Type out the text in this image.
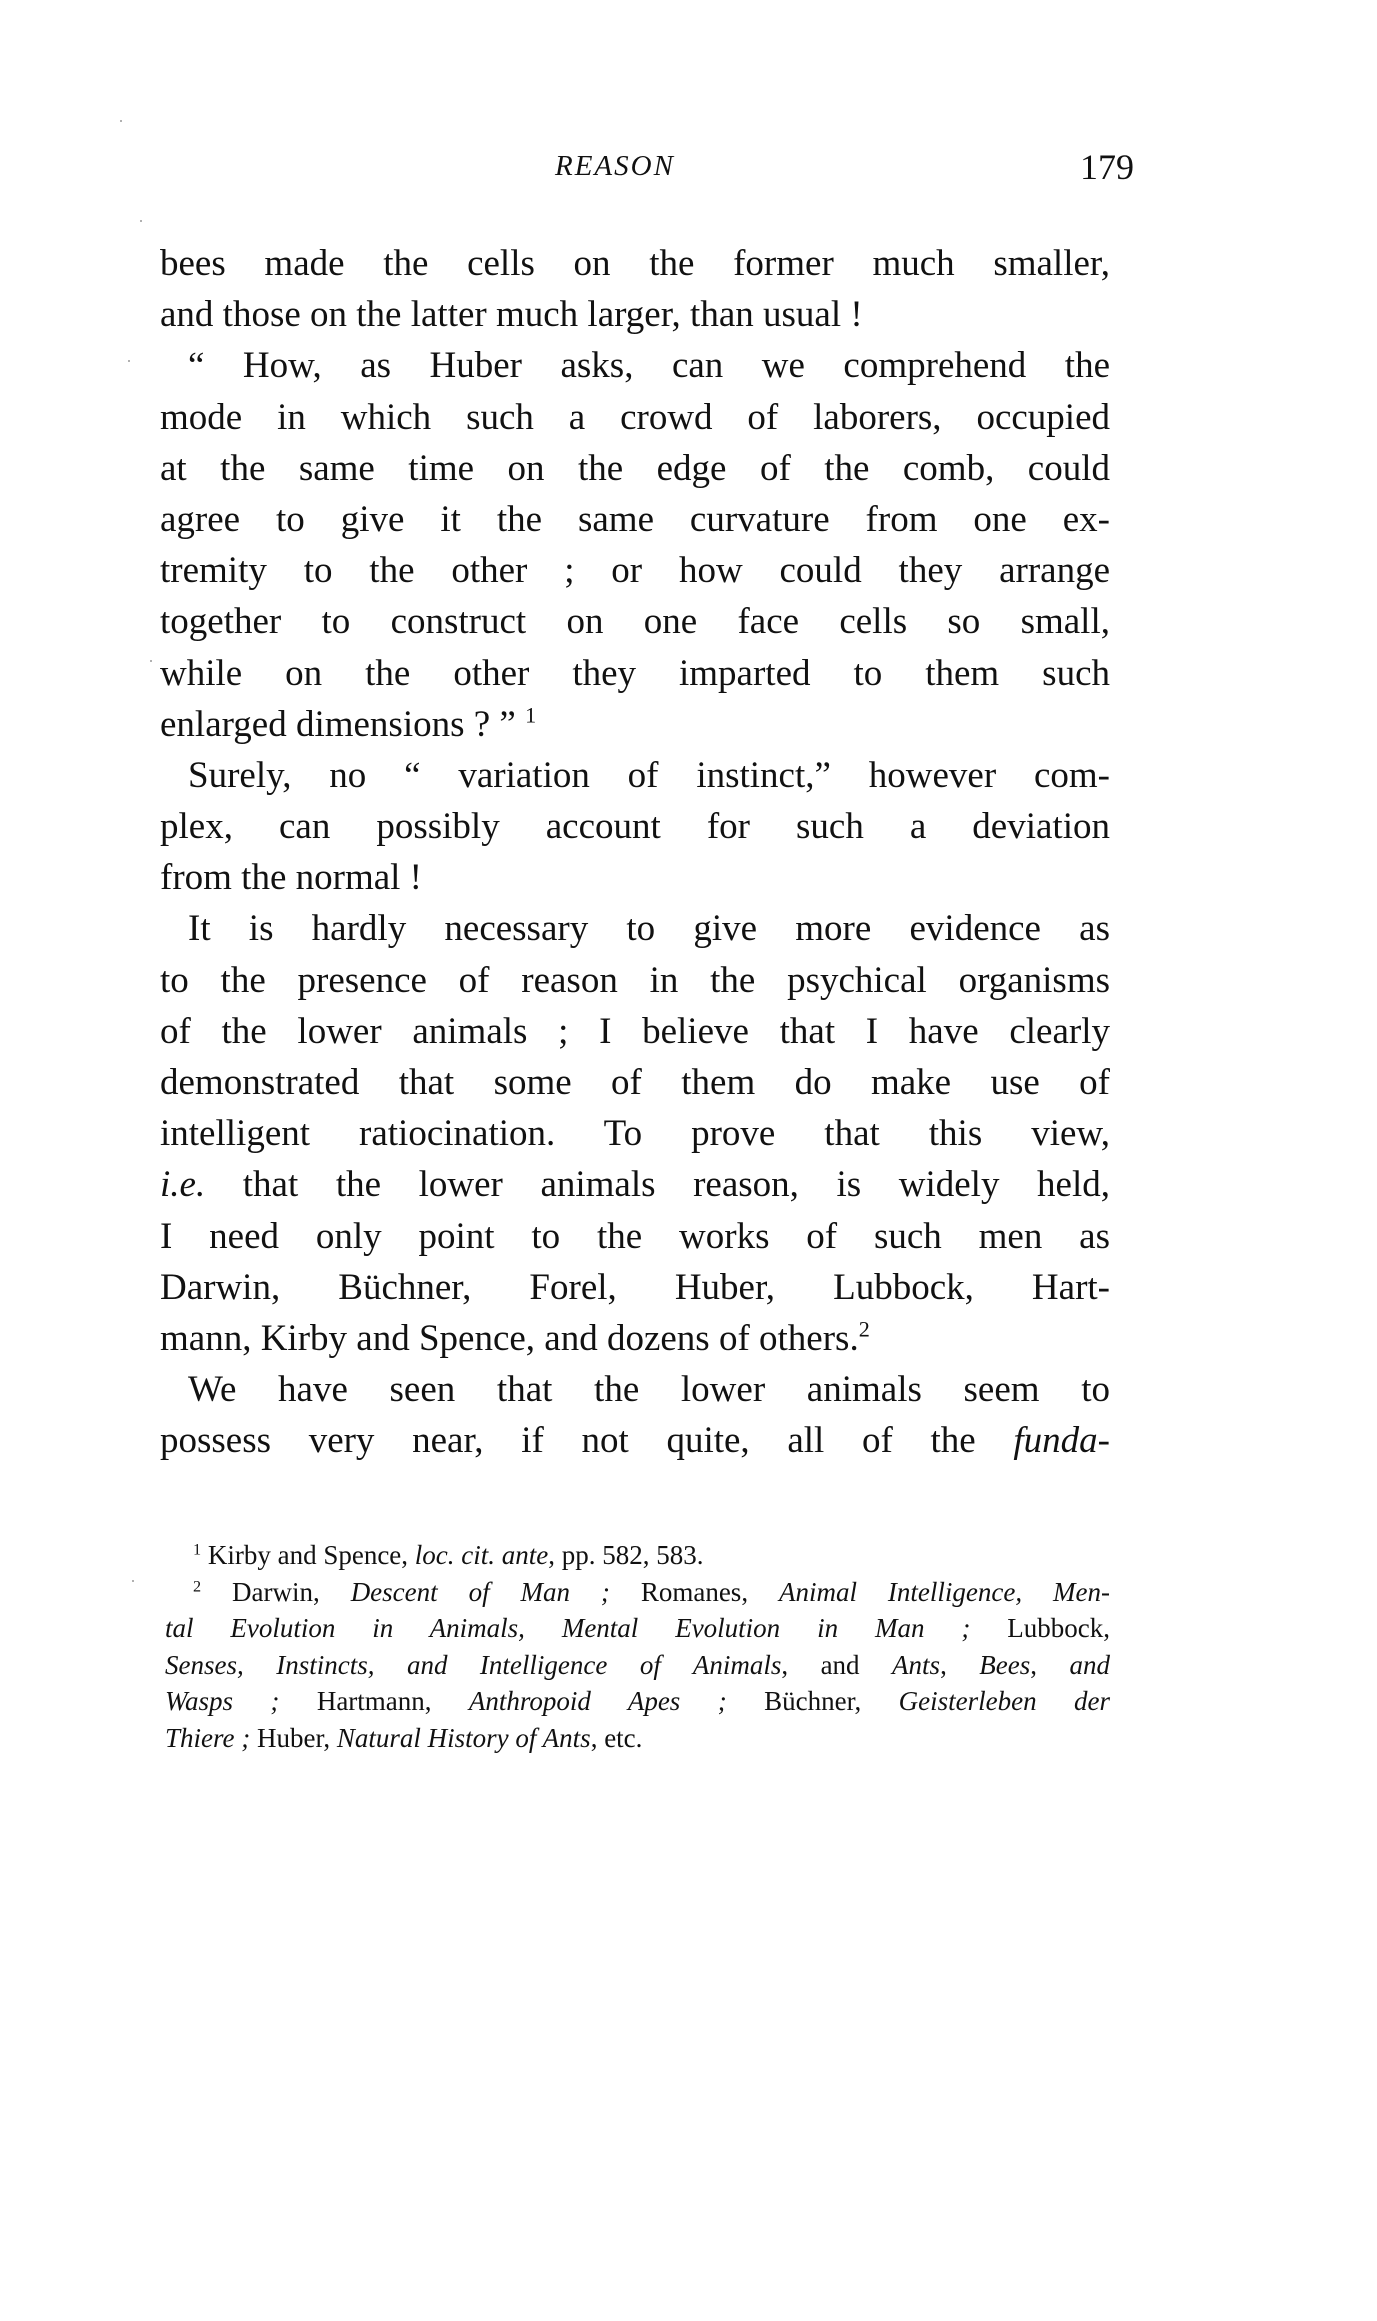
REASON	179
bees made the cells on the former much smaller,
and those on the latter much larger, than usual !
“ How, as Huber asks, can we comprehend the
mode in which such a crowd of laborers, occupied
at the same time on the edge of the comb, could
agree to give it the same curvature from one ex-
tremity to the other ; or how could they arrange
together to construct on one face cells so small,
while on the other they imparted to them such
enlarged dimensions ? ” $^1$
Surely, no “ variation of instinct,” however com-
plex, can possibly account for such a deviation
from the normal !
It is hardly necessary to give more evidence as
to the presence of reason in the psychical organisms
of the lower animals ; I believe that I have clearly
demonstrated that some of them do make use of
intelligent ratiocination. To prove that this view,
i.e. that the lower animals reason, is widely held,
I need only point to the works of such men as
Darwin, Büchner, Forel, Huber, Lubbock, Hart-
mann, Kirby and Spence, and dozens of others.$^2$
We have seen that the lower animals seem to
possess very near, if not quite, all of the funda-
$^1$ Kirby and Spence, loc. cit. ante, pp. 582, 583.
$^2$ Darwin, Descent of Man ; Romanes, Animal Intelligence, Men-
tal Evolution in Animals, Mental Evolution in Man ; Lubbock,
Senses, Instincts, and Intelligence of Animals, and Ants, Bees, and
Wasps ; Hartmann, Anthropoid Apes ; Büchner, Geisterleben der
Thiere ; Huber, Natural History of Ants, etc.
